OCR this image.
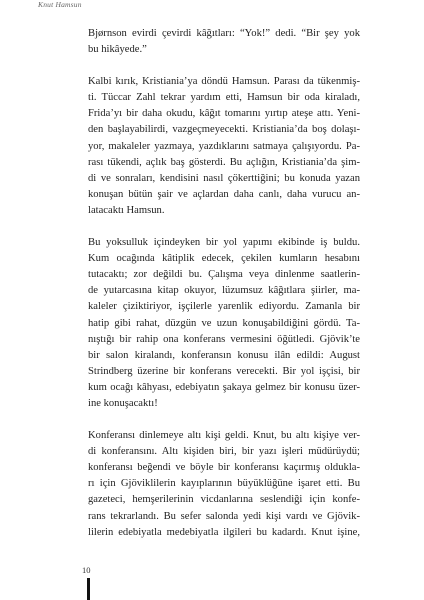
Knut Hamsun

Bjørnson evirdi çevirdi kâğıtları: “Yok!” dedi. “Bir şey yok
bu hikâyede.”

Kalbi kırık, Kristiania’ya döndü Hamsun. Parası da tükenmiş-
ti. Tüccar Zahl tekrar yardım etti, Hamsun bir oda kiraladı,
Frida’yı bir daha okudu, kâğıt tomarını yırtıp ateşe attı. Yeni-
den başlayabilirdi, vazgeçmeyecekti. Kristiania’da boş dolaşı-
yor, makaleler yazmaya, yazdıklarını satmaya çalışıyordu. Pa-
rası tükendi, açlık baş gösterdi. Bu açlığın, Kristiania’da şim-
di ve sonraları, kendisini nasıl çökerttiğini; bu konuda yazan
konuşan bütün şair ve açlardan daha canlı, daha vurucu an-
latacaktı Hamsun.

Bu yoksulluk içindeyken bir yol yapımı ekibinde iş buldu.
Kum ocağında kâtiplik edecek, çekilen kumların hesabını
tutacaktı; zor değildi bu. Çalışma veya dinlenme saatlerin-
de yutarcasına kitap okuyor, lüzumsuz kâğıtlara şiirler, ma-
kaleler çiziktiriyor, işçilerle yarenlik ediyordu. Zamanla bir
hatip gibi rahat, düzgün ve uzun konuşabildiğini gördü. Ta-
nıştığı bir rahip ona konferans vermesini öğütledi. Gjövik’te
bir salon kiralandı, konferansın konusu ilân edildi: August
Strindberg üzerine bir konferans verecekti. Bir yol işçisi, bir
kum ocağı kâhyası, edebiyatın şakaya gelmez bir konusu üzer-
ine konuşacaktı!

Konferansı dinlemeye altı kişi geldi. Knut, bu altı kişiye ver-
di konferansını. Altı kişiden biri, bir yazı işleri müdürüydü;
konferansı beğendi ve böyle bir konferansı kaçırmış oldukla-
rı için Gjöviklilerin kayıplarının büyüklüğüne işaret etti. Bu
gazeteci, hemşerilerinin vicdanlarına seslendiği için konfe-
rans tekrarlandı. Bu sefer salonda yedi kişi vardı ve Gjövik-
lilerin edebiyatla medebiyatla ilgileri bu kadardı. Knut işine,

10
